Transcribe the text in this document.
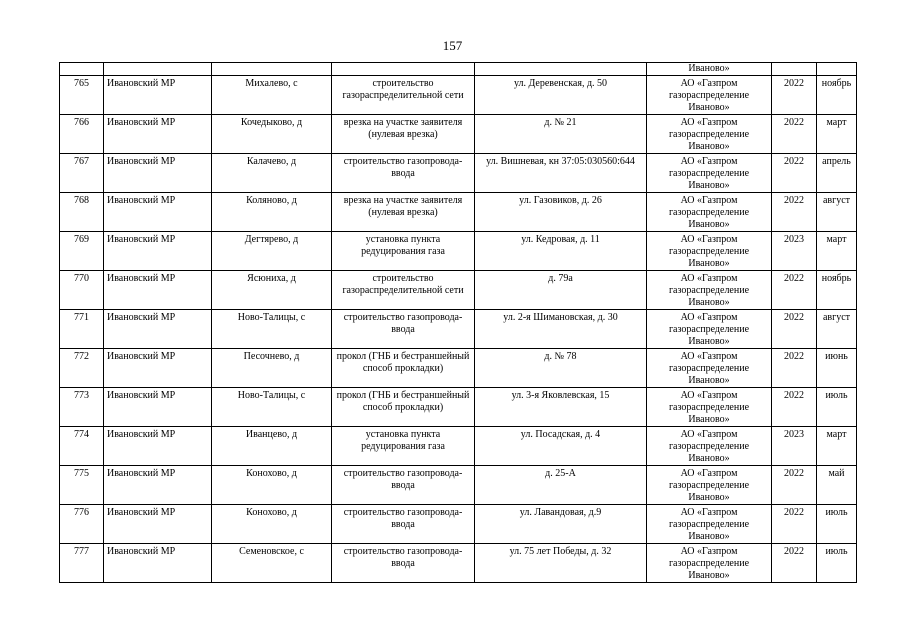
157
					Иваново»		
765	Ивановский МР	Михалево, с	строительство газораспределительной сети	ул. Деревенская, д. 50	АО «Газпром газораспределение Иваново»	2022	ноябрь
766	Ивановский МР	Кочедыково, д	врезка на участке заявителя (нулевая врезка)	д. № 21	АО «Газпром газораспределение Иваново»	2022	март
767	Ивановский МР	Калачево, д	строительство газопровода-ввода	ул. Вишневая, кн 37:05:030560:644	АО «Газпром газораспределение Иваново»	2022	апрель
768	Ивановский МР	Коляново, д	врезка на участке заявителя (нулевая врезка)	ул. Газовиков, д. 26	АО «Газпром газораспределение Иваново»	2022	август
769	Ивановский МР	Дегтярево, д	установка пункта редуцирования газа	ул. Кедровая, д. 11	АО «Газпром газораспределение Иваново»	2023	март
770	Ивановский МР	Ясюниха, д	строительство газораспределительной сети	д. 79а	АО «Газпром газораспределение Иваново»	2022	ноябрь
771	Ивановский МР	Ново-Талицы, с	строительство газопровода-ввода	ул. 2-я Шимановская, д. 30	АО «Газпром газораспределение Иваново»	2022	август
772	Ивановский МР	Песочнево, д	прокол (ГНБ и бестраншейный способ прокладки)	д. № 78	АО «Газпром газораспределение Иваново»	2022	июнь
773	Ивановский МР	Ново-Талицы, с	прокол (ГНБ и бестраншейный способ прокладки)	ул. 3-я Яковлевская, 15	АО «Газпром газораспределение Иваново»	2022	июль
774	Ивановский МР	Иванцево, д	установка пункта редуцирования газа	ул. Посадская, д. 4	АО «Газпром газораспределение Иваново»	2023	март
775	Ивановский МР	Конохово, д	строительство газопровода-ввода	д. 25-А	АО «Газпром газораспределение Иваново»	2022	май
776	Ивановский МР	Конохово, д	строительство газопровода-ввода	ул. Лавандовая, д.9	АО «Газпром газораспределение Иваново»	2022	июль
777	Ивановский МР	Семеновское, с	строительство газопровода-ввода	ул. 75 лет Победы, д. 32	АО «Газпром газораспределение Иваново»	2022	июль
